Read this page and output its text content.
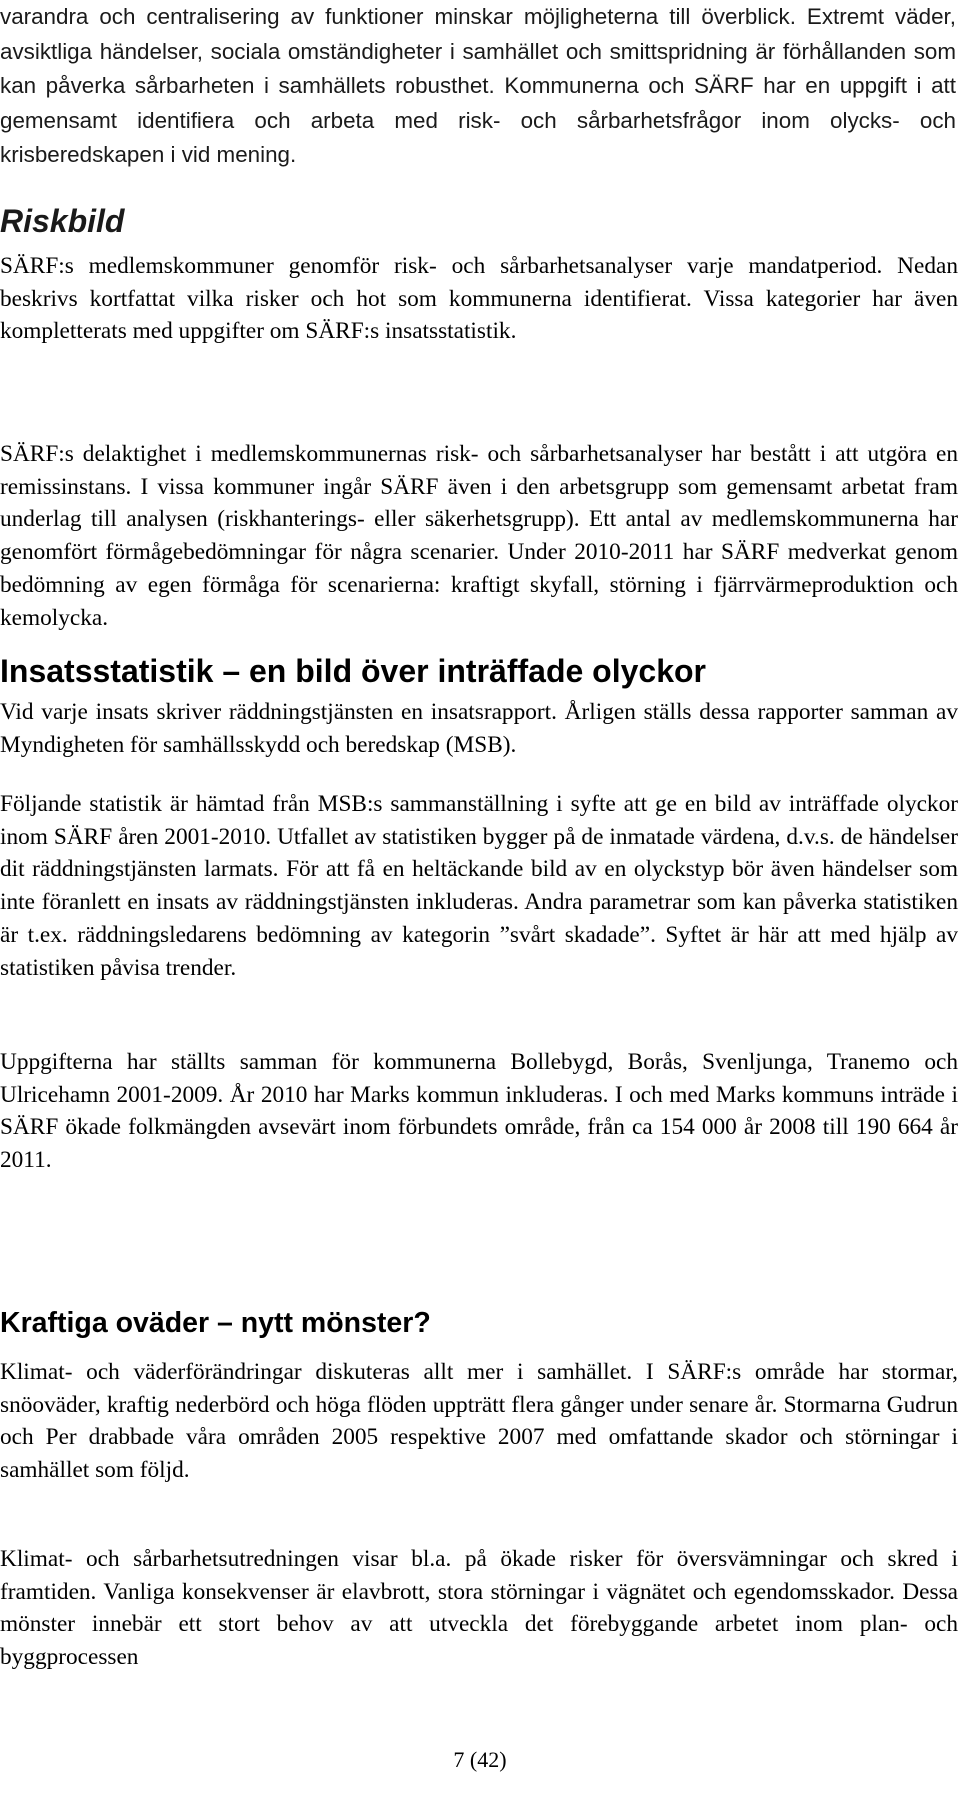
varandra och centralisering av funktioner minskar möjligheterna till överblick. Extremt väder, avsiktliga händelser, sociala omständigheter i samhället och smittspridning är förhållanden som kan påverka sårbarheten i samhällets robusthet. Kommunerna och SÄRF har en uppgift i att gemensamt identifiera och arbeta med risk- och sårbarhetsfrågor inom olycks- och krisberedskapen i vid mening.

Riskbild

SÄRF:s medlemskommuner genomför risk- och sårbarhetsanalyser varje mandatperiod. Nedan beskrivs kortfattat vilka risker och hot som kommunerna identifierat. Vissa kategorier har även kompletterats med uppgifter om SÄRF:s insatsstatistik.

SÄRF:s delaktighet i medlemskommunernas risk- och sårbarhetsanalyser har bestått i att utgöra en remissinstans. I vissa kommuner ingår SÄRF även i den arbetsgrupp som gemensamt arbetat fram underlag till analysen (riskhanterings- eller säkerhetsgrupp). Ett antal av medlemskommunerna har genomfört förmågebedömningar för några scenarier. Under 2010-2011 har SÄRF medverkat genom bedömning av egen förmåga för scenarierna: kraftigt skyfall, störning i fjärrvärmeproduktion och kemolycka.

Insatsstatistik – en bild över inträffade olyckor

Vid varje insats skriver räddningstjänsten en insatsrapport. Årligen ställs dessa rapporter samman av Myndigheten för samhällsskydd och beredskap (MSB).

Följande statistik är hämtad från MSB:s sammanställning i syfte att ge en bild av inträffade olyckor inom SÄRF åren 2001-2010. Utfallet av statistiken bygger på de inmatade värdena, d.v.s. de händelser dit räddningstjänsten larmats. För att få en heltäckande bild av en olyckstyp bör även händelser som inte föranlett en insats av räddningstjänsten inkluderas. Andra parametrar som kan påverka statistiken är t.ex. räddningsledarens bedömning av kategorin ”svårt skadade”. Syftet är här att med hjälp av statistiken påvisa trender.

Uppgifterna har ställts samman för kommunerna Bollebygd, Borås, Svenljunga, Tranemo och Ulricehamn 2001-2009. År 2010 har Marks kommun inkluderas. I och med Marks kommuns inträde i SÄRF ökade folkmängden avsevärt inom förbundets område, från ca 154 000 år 2008 till 190 664 år 2011.

Kraftiga oväder – nytt mönster?

Klimat- och väderförändringar diskuteras allt mer i samhället. I SÄRF:s område har stormar, snöoväder, kraftig nederbörd och höga flöden uppträtt flera gånger under senare år. Stormarna Gudrun och Per drabbade våra områden 2005 respektive 2007 med omfattande skador och störningar i samhället som följd.

Klimat- och sårbarhetsutredningen visar bl.a. på ökade risker för översvämningar och skred i framtiden. Vanliga konsekvenser är elavbrott, stora störningar i vägnätet och egendomsskador. Dessa mönster innebär ett stort behov av att utveckla det förebyggande arbetet inom plan- och byggprocessen

7 (42)
